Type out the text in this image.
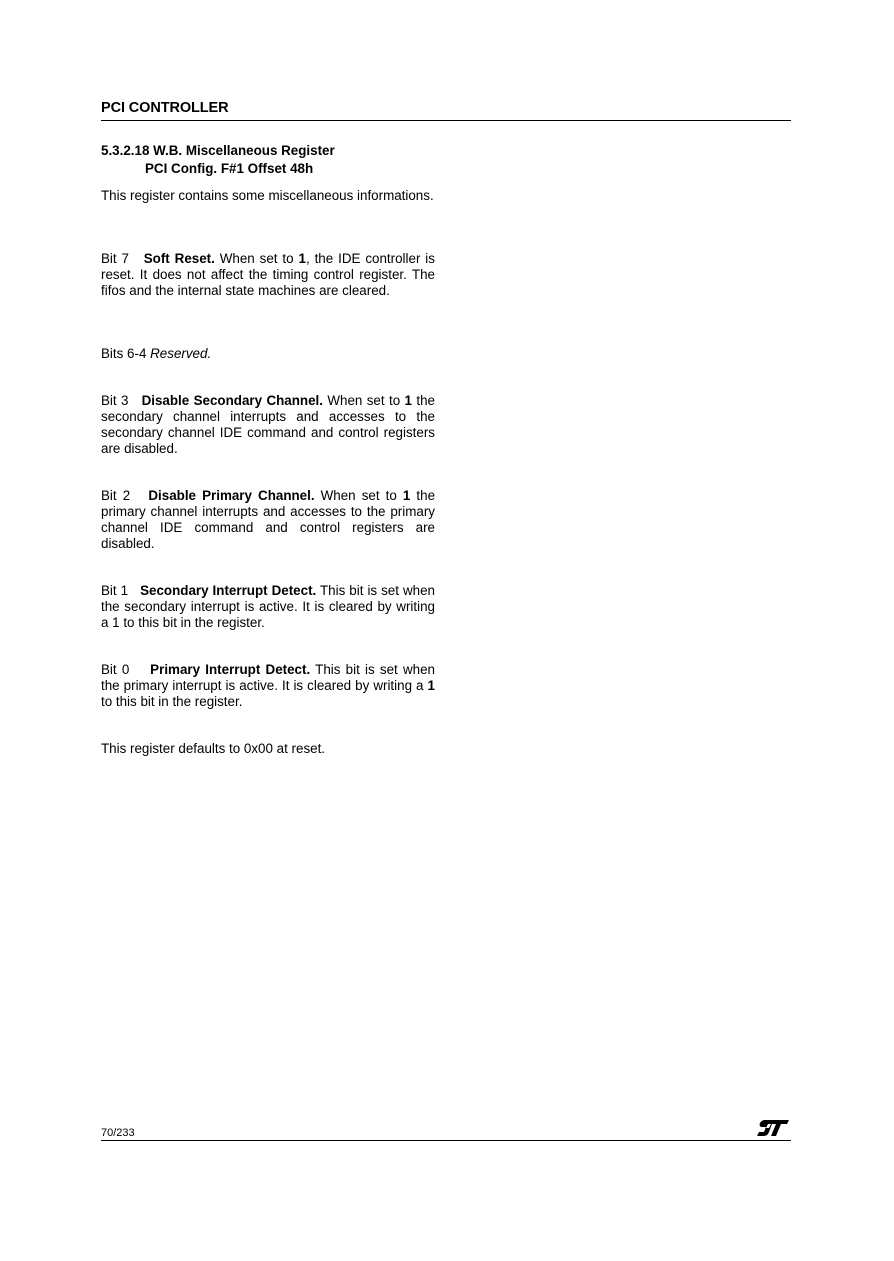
PCI CONTROLLER
5.3.2.18 W.B. Miscellaneous Register
PCI Config. F#1 Offset 48h

This register contains some miscellaneous informations.

Bit 7 Soft Reset. When set to 1, the IDE controller is reset. It does not affect the timing control register. The fifos and the internal state machines are cleared.

Bits 6-4 Reserved.

Bit 3 Disable Secondary Channel. When set to 1 the secondary channel interrupts and accesses to the secondary channel IDE command and control registers are disabled.

Bit 2 Disable Primary Channel. When set to 1 the primary channel interrupts and accesses to the primary channel IDE command and control registers are disabled.

Bit 1 Secondary Interrupt Detect. This bit is set when the secondary interrupt is active. It is cleared by writing a 1 to this bit in the register.

Bit 0 Primary Interrupt Detect. This bit is set when the primary interrupt is active. It is cleared by writing a 1 to this bit in the register.

This register defaults to 0x00 at reset.

70/233
